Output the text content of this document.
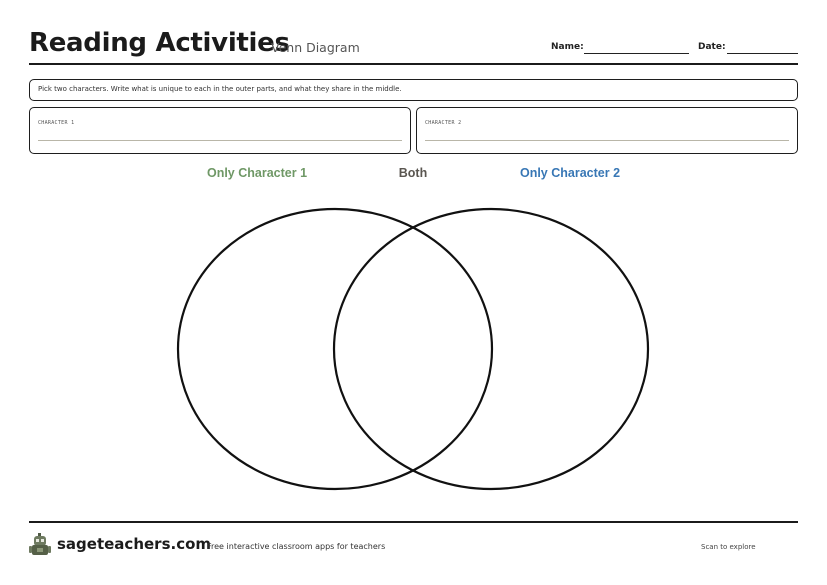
Reading Activities
Venn Diagram	Name:	Date:
Pick two characters. Write what is unique to each in the outer parts, and what they share in the middle.
CHARACTER 1	CHARACTER 2
Only Character 1	Both	Only Character 2
sageteachers.com
Free interactive classroom apps for teachers	Scan to explore
